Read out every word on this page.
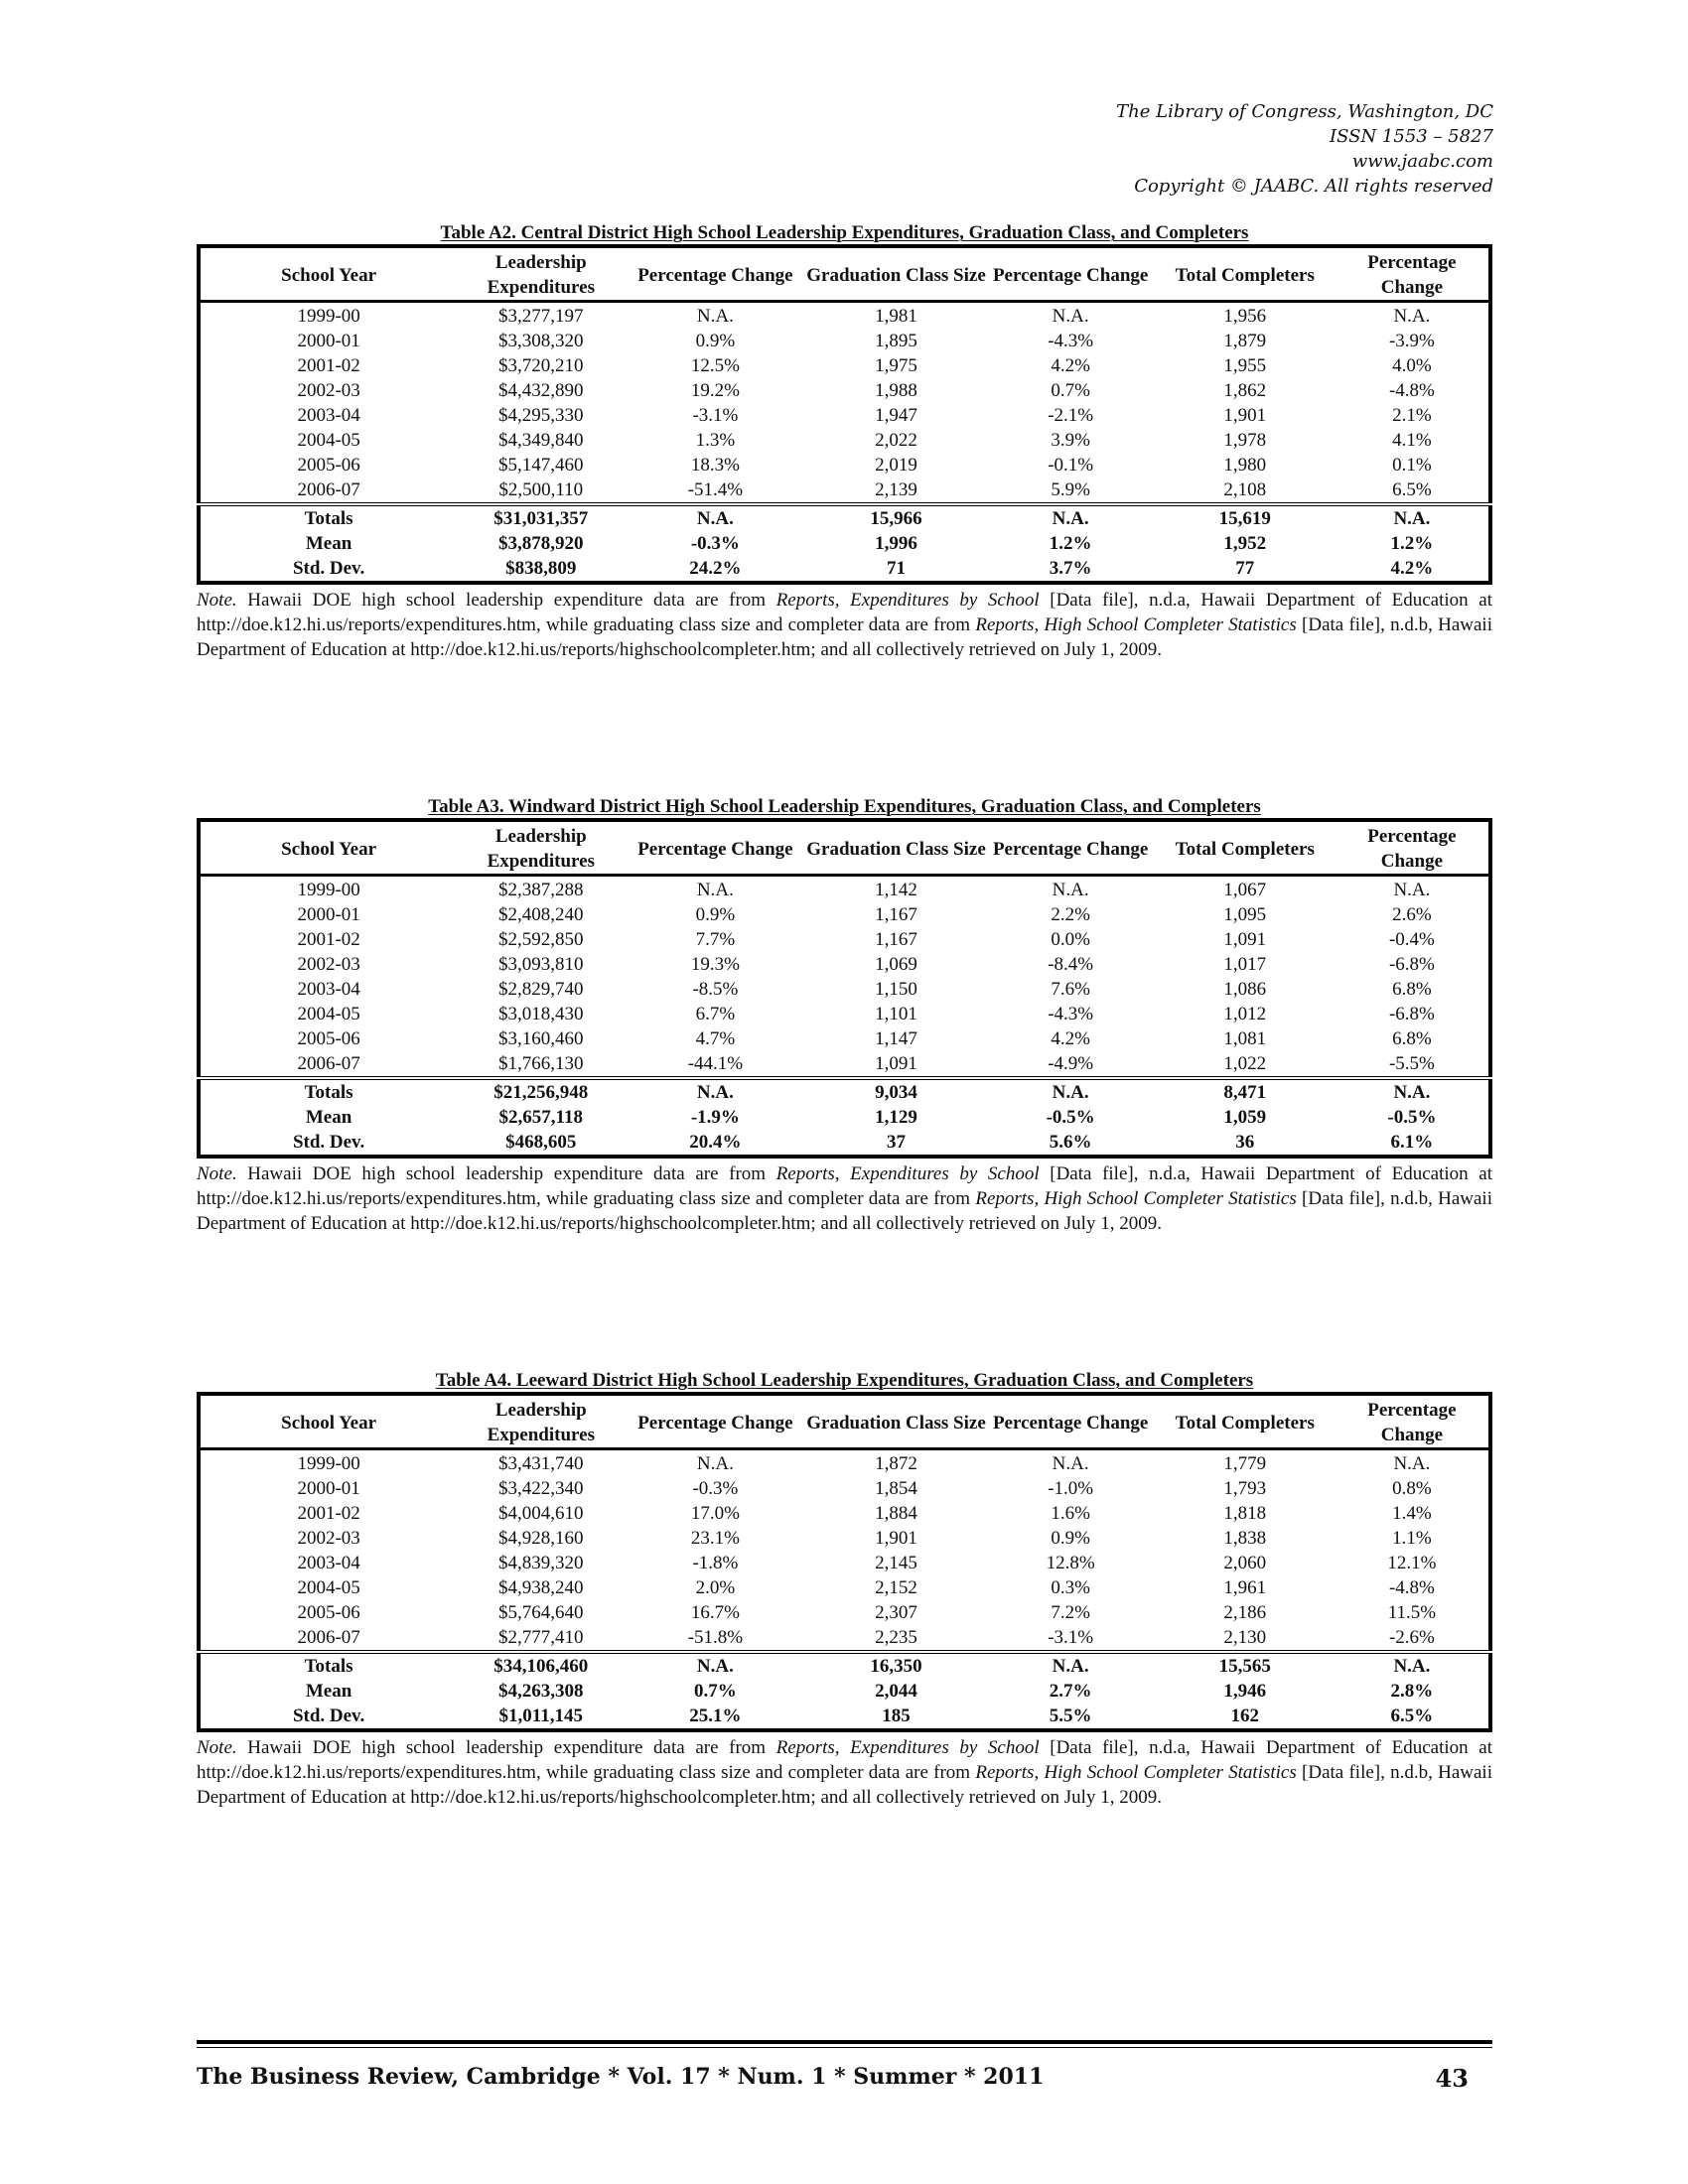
The Library of Congress, Washington, DC
ISSN 1553 – 5827
www.jaabc.com
Copyright © JAABC. All rights reserved
Table A2. Central District High School Leadership Expenditures, Graduation Class, and Completers
School Year	Leadership Expenditures	Percentage Change	Graduation Class Size	Percentage Change	Total Completers	Percentage Change
1999-00	$3,277,197	N.A.	1,981	N.A.	1,956	N.A.
2000-01	$3,308,320	0.9%	1,895	-4.3%	1,879	-3.9%
2001-02	$3,720,210	12.5%	1,975	4.2%	1,955	4.0%
2002-03	$4,432,890	19.2%	1,988	0.7%	1,862	-4.8%
2003-04	$4,295,330	-3.1%	1,947	-2.1%	1,901	2.1%
2004-05	$4,349,840	1.3%	2,022	3.9%	1,978	4.1%
2005-06	$5,147,460	18.3%	2,019	-0.1%	1,980	0.1%
2006-07	$2,500,110	-51.4%	2,139	5.9%	2,108	6.5%
Totals	$31,031,357	N.A.	15,966	N.A.	15,619	N.A.
Mean	$3,878,920	-0.3%	1,996	1.2%	1,952	1.2%
Std. Dev.	$838,809	24.2%	71	3.7%	77	4.2%
Note. Hawaii DOE high school leadership expenditure data are from Reports, Expenditures by School [Data file], n.d.a, Hawaii Department of Education at http://doe.k12.hi.us/reports/expenditures.htm, while graduating class size and completer data are from Reports, High School Completer Statistics [Data file], n.d.b, Hawaii Department of Education at http://doe.k12.hi.us/reports/highschoolcompleter.htm; and all collectively retrieved on July 1, 2009.
Table A3. Windward District High School Leadership Expenditures, Graduation Class, and Completers
School Year	Leadership Expenditures	Percentage Change	Graduation Class Size	Percentage Change	Total Completers	Percentage Change
1999-00	$2,387,288	N.A.	1,142	N.A.	1,067	N.A.
2000-01	$2,408,240	0.9%	1,167	2.2%	1,095	2.6%
2001-02	$2,592,850	7.7%	1,167	0.0%	1,091	-0.4%
2002-03	$3,093,810	19.3%	1,069	-8.4%	1,017	-6.8%
2003-04	$2,829,740	-8.5%	1,150	7.6%	1,086	6.8%
2004-05	$3,018,430	6.7%	1,101	-4.3%	1,012	-6.8%
2005-06	$3,160,460	4.7%	1,147	4.2%	1,081	6.8%
2006-07	$1,766,130	-44.1%	1,091	-4.9%	1,022	-5.5%
Totals	$21,256,948	N.A.	9,034	N.A.	8,471	N.A.
Mean	$2,657,118	-1.9%	1,129	-0.5%	1,059	-0.5%
Std. Dev.	$468,605	20.4%	37	5.6%	36	6.1%
Note. Hawaii DOE high school leadership expenditure data are from Reports, Expenditures by School [Data file], n.d.a, Hawaii Department of Education at http://doe.k12.hi.us/reports/expenditures.htm, while graduating class size and completer data are from Reports, High School Completer Statistics [Data file], n.d.b, Hawaii Department of Education at http://doe.k12.hi.us/reports/highschoolcompleter.htm; and all collectively retrieved on July 1, 2009.
Table A4. Leeward District High School Leadership Expenditures, Graduation Class, and Completers
School Year	Leadership Expenditures	Percentage Change	Graduation Class Size	Percentage Change	Total Completers	Percentage Change
1999-00	$3,431,740	N.A.	1,872	N.A.	1,779	N.A.
2000-01	$3,422,340	-0.3%	1,854	-1.0%	1,793	0.8%
2001-02	$4,004,610	17.0%	1,884	1.6%	1,818	1.4%
2002-03	$4,928,160	23.1%	1,901	0.9%	1,838	1.1%
2003-04	$4,839,320	-1.8%	2,145	12.8%	2,060	12.1%
2004-05	$4,938,240	2.0%	2,152	0.3%	1,961	-4.8%
2005-06	$5,764,640	16.7%	2,307	7.2%	2,186	11.5%
2006-07	$2,777,410	-51.8%	2,235	-3.1%	2,130	-2.6%
Totals	$34,106,460	N.A.	16,350	N.A.	15,565	N.A.
Mean	$4,263,308	0.7%	2,044	2.7%	1,946	2.8%
Std. Dev.	$1,011,145	25.1%	185	5.5%	162	6.5%
Note. Hawaii DOE high school leadership expenditure data are from Reports, Expenditures by School [Data file], n.d.a, Hawaii Department of Education at http://doe.k12.hi.us/reports/expenditures.htm, while graduating class size and completer data are from Reports, High School Completer Statistics [Data file], n.d.b, Hawaii Department of Education at http://doe.k12.hi.us/reports/highschoolcompleter.htm; and all collectively retrieved on July 1, 2009.
The Business Review, Cambridge * Vol. 17 * Num. 1 * Summer * 2011	43
